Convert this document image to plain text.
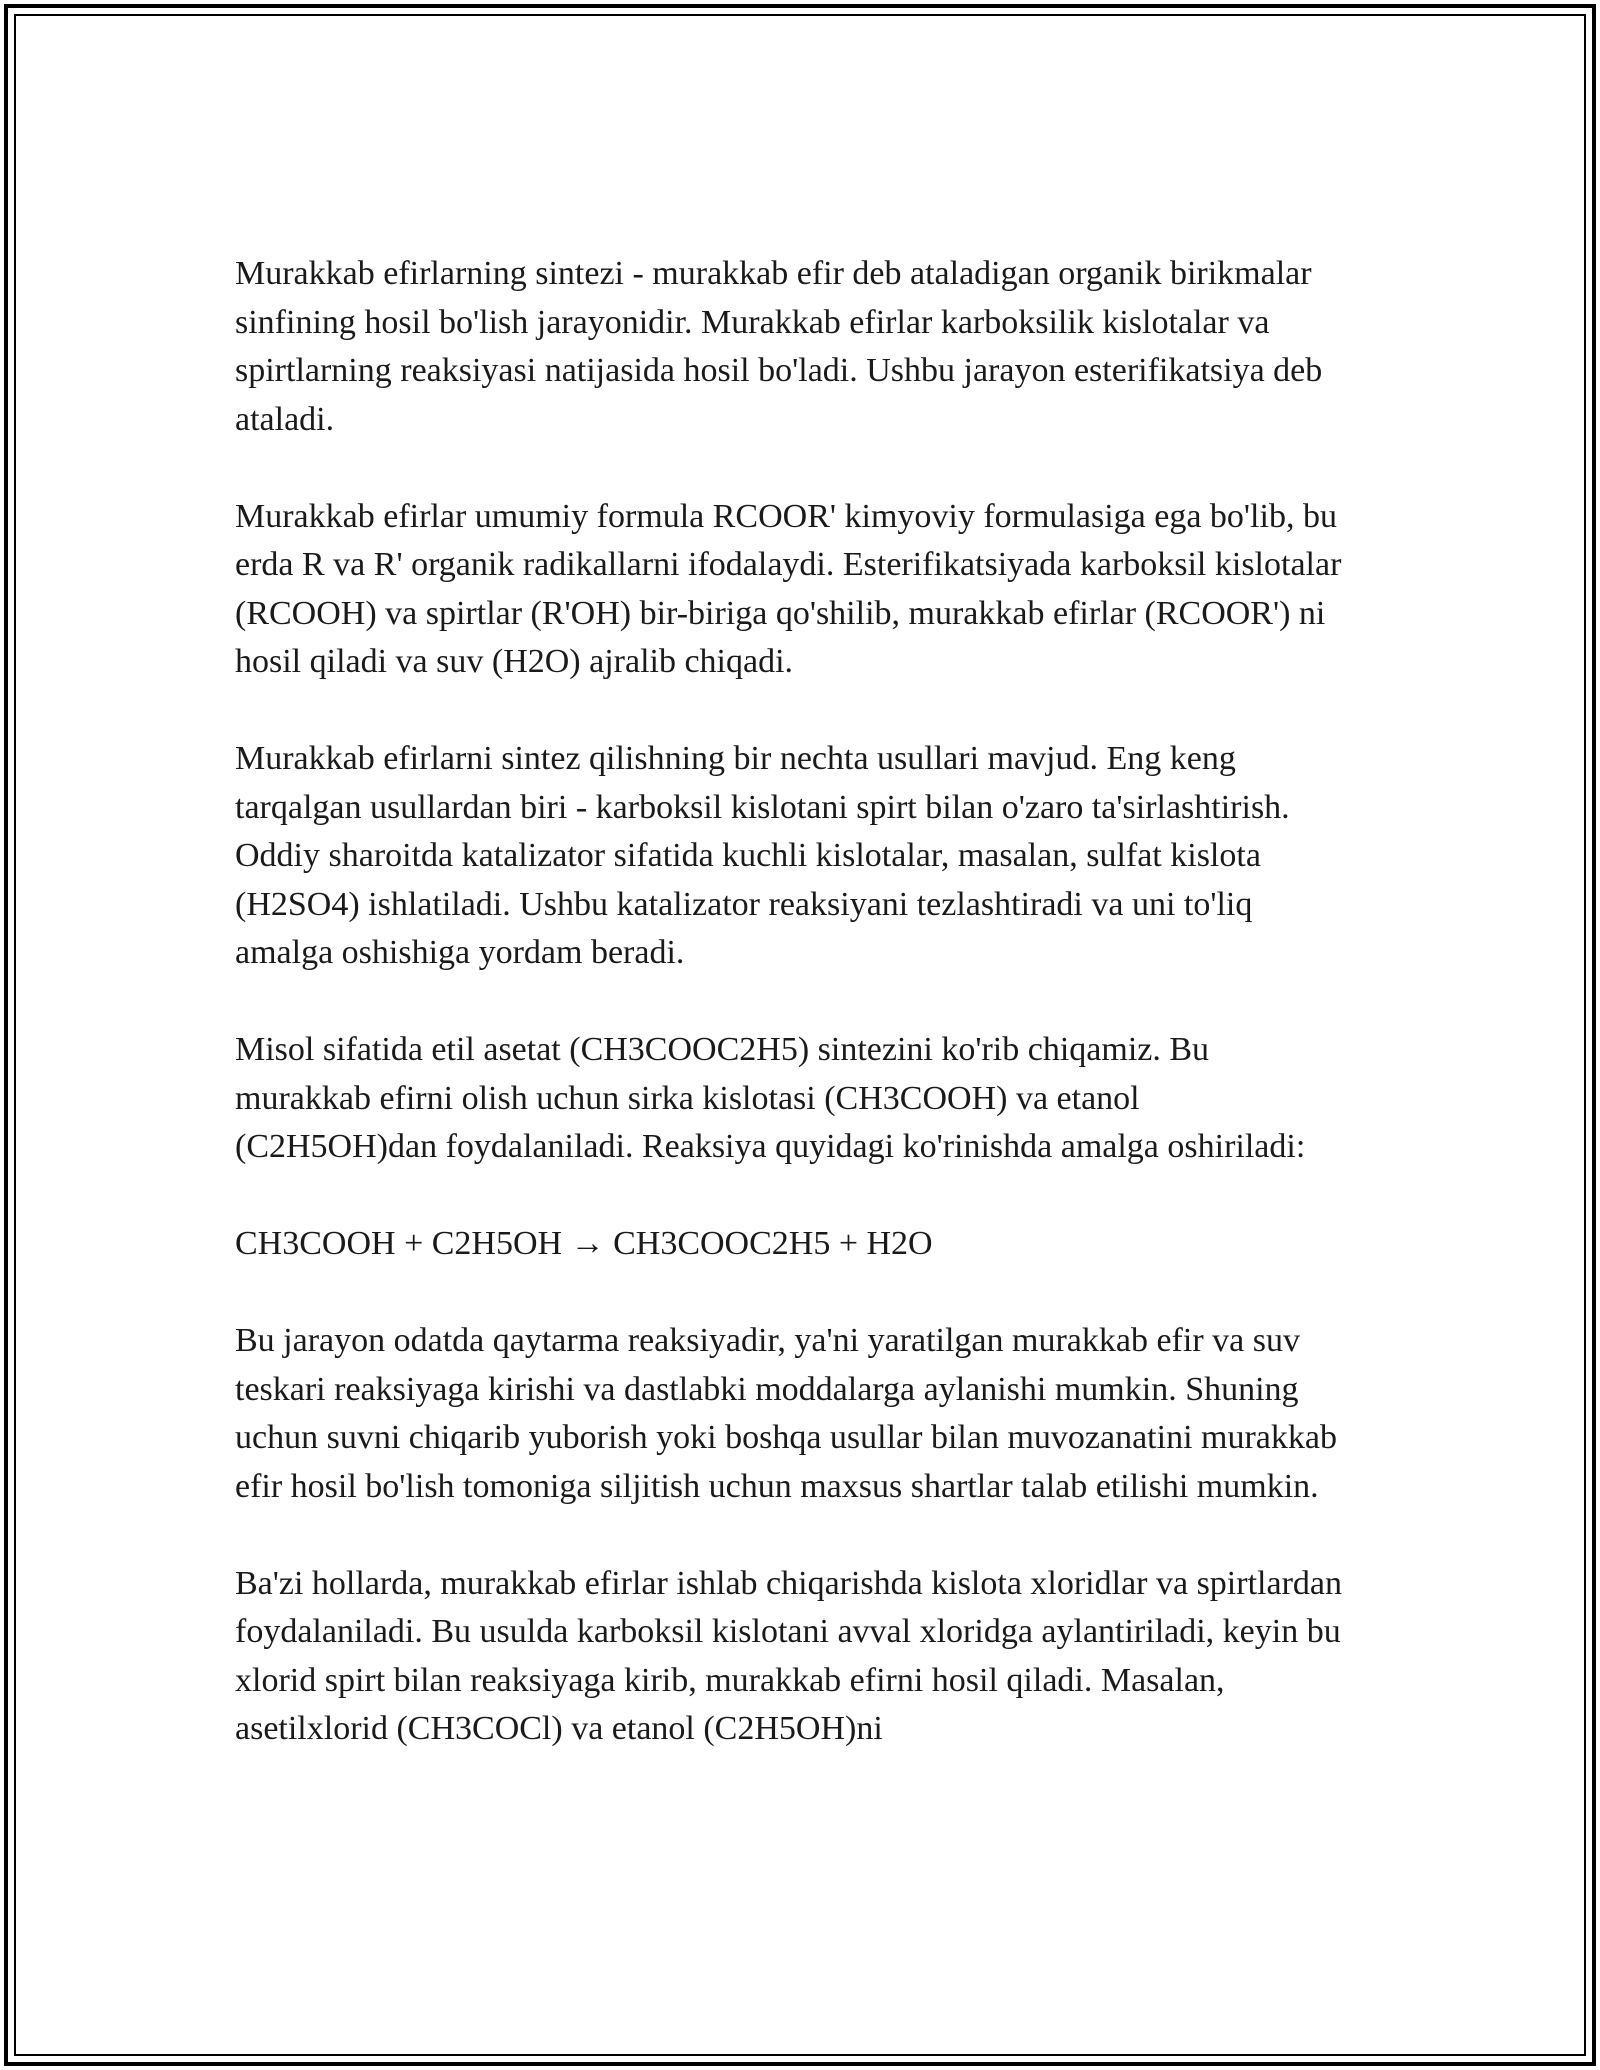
Murakkab efirlarning sintezi - murakkab efir deb ataladigan organik birikmalar sinfining hosil bo'lish jarayonidir. Murakkab efirlar karboksilik kislotalar va spirtlarning reaksiyasi natijasida hosil bo'ladi. Ushbu jarayon esterifikatsiya deb ataladi.

Murakkab efirlar umumiy formula RCOOR' kimyoviy formulasiga ega bo'lib, bu erda R va R' organik radikallarni ifodalaydi. Esterifikatsiyada karboksil kislotalar (RCOOH) va spirtlar (R'OH) bir-biriga qo'shilib, murakkab efirlar (RCOOR') ni hosil qiladi va suv (H2O) ajralib chiqadi.

Murakkab efirlarni sintez qilishning bir nechta usullari mavjud. Eng keng tarqalgan usullardan biri - karboksil kislotani spirt bilan o'zaro ta'sirlashtirish. Oddiy sharoitda katalizator sifatida kuchli kislotalar, masalan, sulfat kislota (H2SO4) ishlatiladi. Ushbu katalizator reaksiyani tezlashtiradi va uni to'liq amalga oshishiga yordam beradi.

Misol sifatida etil asetat (CH3COOC2H5) sintezini ko'rib chiqamiz. Bu murakkab efirni olish uchun sirka kislotasi (CH3COOH) va etanol (C2H5OH)dan foydalaniladi. Reaksiya quyidagi ko'rinishda amalga oshiriladi:

CH3COOH + C2H5OH → CH3COOC2H5 + H2O

Bu jarayon odatda qaytarma reaksiyadir, ya'ni yaratilgan murakkab efir va suv teskari reaksiyaga kirishi va dastlabki moddalarga aylanishi mumkin. Shuning uchun suvni chiqarib yuborish yoki boshqa usullar bilan muvozanatini murakkab efir hosil bo'lish tomoniga siljitish uchun maxsus shartlar talab etilishi mumkin.

Ba'zi hollarda, murakkab efirlar ishlab chiqarishda kislota xloridlar va spirtlardan foydalaniladi. Bu usulda karboksil kislotani avval xloridga aylantiriladi, keyin bu xlorid spirt bilan reaksiyaga kirib, murakkab efirni hosil qiladi. Masalan, asetilxlorid (CH3COCl) va etanol (C2H5OH)ni
